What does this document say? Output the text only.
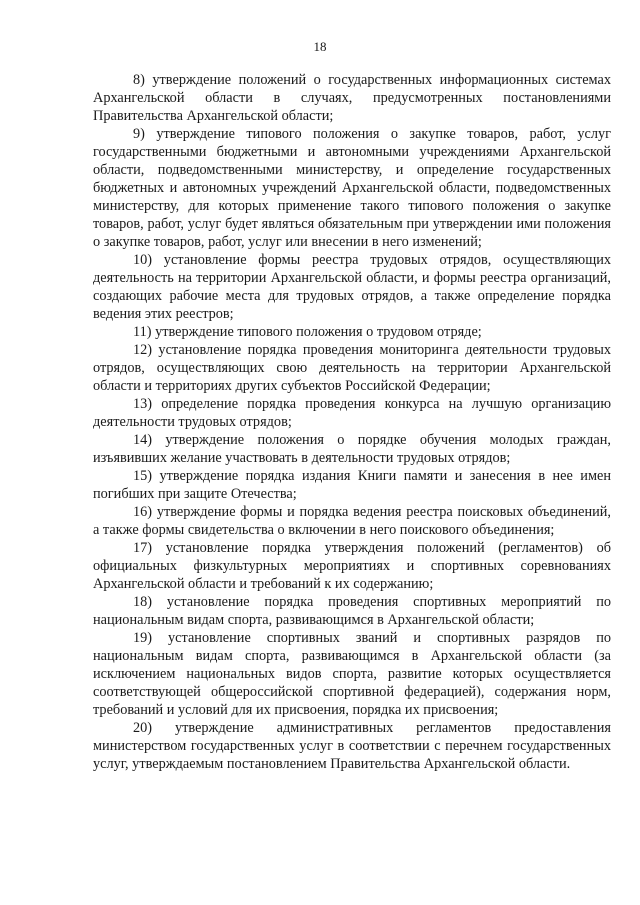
18

8) утверждение положений о государственных информационных системах Архангельской области в случаях, предусмотренных постановлениями Правительства Архангельской области;

9) утверждение типового положения о закупке товаров, работ, услуг государственными бюджетными и автономными учреждениями Архангельской области, подведомственными министерству, и определение государственных бюджетных и автономных учреждений Архангельской области, подведомственных министерству, для которых применение такого типового положения о закупке товаров, работ, услуг будет являться обязательным при утверждении ими положения о закупке товаров, работ, услуг или внесении в него изменений;

10) установление формы реестра трудовых отрядов, осуществляющих деятельность на территории Архангельской области, и формы реестра организаций, создающих рабочие места для трудовых отрядов, а также определение порядка ведения этих реестров;

11) утверждение типового положения о трудовом отряде;

12) установление порядка проведения мониторинга деятельности трудовых отрядов, осуществляющих свою деятельность на территории Архангельской области и территориях других субъектов Российской Федерации;

13) определение порядка проведения конкурса на лучшую организацию деятельности трудовых отрядов;

14) утверждение положения о порядке обучения молодых граждан, изъявивших желание участвовать в деятельности трудовых отрядов;

15) утверждение порядка издания Книги памяти и занесения в нее имен погибших при защите Отечества;

16) утверждение формы и порядка ведения реестра поисковых объединений, а также формы свидетельства о включении в него поискового объединения;

17) установление порядка утверждения положений (регламентов) об официальных физкультурных мероприятиях и спортивных соревнованиях Архангельской области и требований к их содержанию;

18) установление порядка проведения спортивных мероприятий по национальным видам спорта, развивающимся в Архангельской области;

19) установление спортивных званий и спортивных разрядов по национальным видам спорта, развивающимся в Архангельской области (за исключением национальных видов спорта, развитие которых осуществляется соответствующей общероссийской спортивной федерацией), содержания норм, требований и условий для их присвоения, порядка их присвоения;

20) утверждение административных регламентов предоставления министерством государственных услуг в соответствии с перечнем государственных услуг, утверждаемым постановлением Правительства Архангельской области.
